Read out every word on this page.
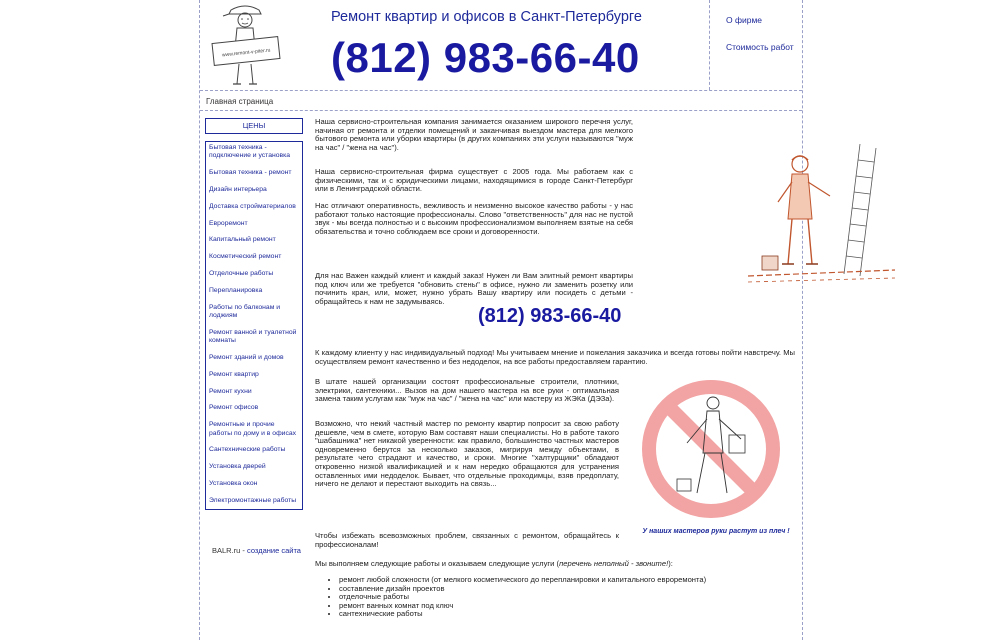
www.remont-v-piter.ru
Ремонт квартир и офисов в Санкт-Петербурге
(812) 983-66-40
О фирме
Стоимость работ
Главная страница
ЦЕНЫ
Бытовая техника - подключение и установка
Бытовая техника - ремонт
Дизайн интерьера
Доставка стройматериалов
Евроремонт
Капитальный ремонт
Косметический ремонт
Отделочные работы
Перепланировка
Работы по балконам и лоджиям
Ремонт ванной и туалетной комнаты
Ремонт зданий и домов
Ремонт квартир
Ремонт кухни
Ремонт офисов
Ремонтные и прочие работы по дому и в офисах
Сантехнические работы
Установка дверей
Установка окон
Электромонтажные работы
BALR.ru - создание сайта

Наша сервисно-строительная компания занимается оказанием широкого перечня услуг, начиная от ремонта и отделки помещений и заканчивая выездом мастера для мелкого бытового ремонта или уборки квартиры (в других компаниях эти услуги называются "муж на час" / "жена на час").

Наша сервисно-строительная фирма существует с 2005 года. Мы работаем как с физическими, так и с юридическими лицами, находящимися в городе Санкт-Петербург или в Ленинградской области.

Нас отличают оперативность, вежливость и неизменно высокое качество работы - у нас работают только настоящие профессионалы. Слово "ответственность" для нас не пустой звук - мы всегда полностью и с высоким профессионализмом выполняем взятые на себя обязательства и точно соблюдаем все сроки и договоренности.

Для нас Важен каждый клиент и каждый заказ! Нужен ли Вам элитный ремонт квартиры под ключ или же требуется "обновить стены" в офисе, нужно ли заменить розетку или починить кран, или, может, нужно убрать Вашу квартиру или посидеть с детьми - обращайтесь к нам не задумываясь.

(812) 983-66-40

К каждому клиенту у нас индивидуальный подход! Мы учитываем мнение и пожелания заказчика и всегда готовы пойти навстречу. Мы осуществляем ремонт качественно и без недоделок, на все работы предоставляем гарантию.

В штате нашей организации состоят профессиональные строители, плотники, электрики, сантехники... Вызов на дом нашего мастера на все руки - оптимальная замена таким услугам как "муж на час" / "жена на час" или мастеру из ЖЭКа (ДЭЗа).

Возможно, что некий частный мастер по ремонту квартир попросит за свою работу дешевле, чем в смете, которую Вам составят наши специалисты. Но в работе такого "шабашника" нет никакой уверенности: как правило, большинство частных мастеров одновременно берутся за несколько заказов, мигрируя между объектами, в результате чего страдают и качество, и сроки. Многие "халтурщики" обладают откровенно низкой квалификацией и к нам нередко обращаются для устранения оставленных ими недоделок. Бывает, что отдельные проходимцы, взяв предоплату, ничего не делают и перестают выходить на связь...

У наших мастеров руки растут из плеч !

Чтобы избежать всевозможных проблем, связанных с ремонтом, обращайтесь к профессионалам!

Мы выполняем следующие работы и оказываем следующие услуги (перечень неполный - звоните!):

• ремонт любой сложности (от мелкого косметического до перепланировки и капитального евроремонта)
• составление дизайн проектов
• отделочные работы
• ремонт ванных комнат под ключ
• сантехнические работы
